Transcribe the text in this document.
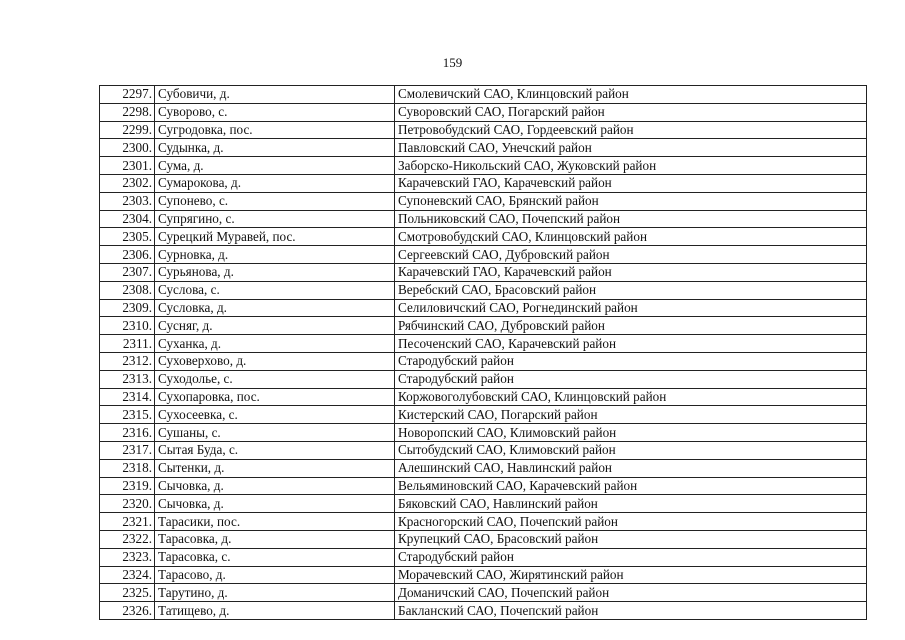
159
2297.	Субовичи, д.	Смолевичский САО, Клинцовский район
2298.	Суворово, с.	Суворовский САО, Погарский район
2299.	Сугродовка, пос.	Петровобудский САО, Гордеевский район
2300.	Судынка, д.	Павловский САО, Унечский район
2301.	Сума, д.	Заборско-Никольский САО, Жуковский район
2302.	Сумарокова, д.	Карачевский ГАО, Карачевский район
2303.	Супонево, с.	Супоневский САО, Брянский район
2304.	Супрягино, с.	Польниковский САО, Почепский район
2305.	Сурецкий Муравей, пос.	Смотровобудский САО, Клинцовский район
2306.	Сурновка, д.	Сергеевский САО, Дубровский район
2307.	Сурьянова, д.	Карачевский ГАО, Карачевский район
2308.	Суслова, с.	Веребский САО, Брасовский район
2309.	Сусловка, д.	Селиловичский САО, Рогнединский район
2310.	Сусняг, д.	Рябчинский САО, Дубровский район
2311.	Суханка, д.	Песоченский САО, Карачевский район
2312.	Суховерхово, д.	Стародубский район
2313.	Суходолье, с.	Стародубский район
2314.	Сухопаровка, пос.	Коржовоголубовский САО, Клинцовский район
2315.	Сухосеевка, с.	Кистерский САО, Погарский район
2316.	Сушаны, с.	Новоропский САО, Климовский район
2317.	Сытая Буда, с.	Сытобудский САО, Климовский район
2318.	Сытенки, д.	Алешинский САО, Навлинский район
2319.	Сычовка, д.	Вельяминовский САО, Карачевский район
2320.	Сычовка, д.	Бяковский САО, Навлинский район
2321.	Тарасики, пос.	Красногорский САО, Почепский район
2322.	Тарасовка, д.	Крупецкий САО, Брасовский район
2323.	Тарасовка, с.	Стародубский район
2324.	Тарасово, д.	Морачевский САО, Жирятинский район
2325.	Тарутино, д.	Доманичский САО, Почепский район
2326.	Татищево, д.	Бакланский САО, Почепский район
